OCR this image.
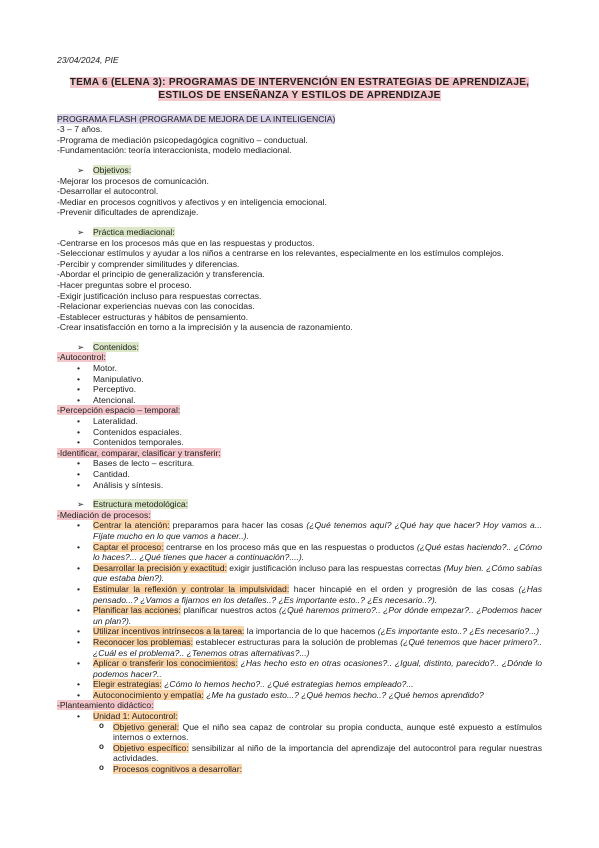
23/04/2024, PIE
TEMA 6 (ELENA 3): PROGRAMAS DE INTERVENCIÓN EN ESTRATEGIAS DE APRENDIZAJE,
ESTILOS DE ENSEÑANZA Y ESTILOS DE APRENDIZAJE
PROGRAMA FLASH (PROGRAMA DE MEJORA DE LA INTELIGENCIA)
-3 – 7 años.
-Programa de mediación psicopedagógica cognitivo – conductual.
-Fundamentación: teoría interaccionista, modelo mediacional.
➢ Objetivos:
-Mejorar los procesos de comunicación.
-Desarrollar el autocontrol.
-Mediar en procesos cognitivos y afectivos y en inteligencia emocional.
-Prevenir dificultades de aprendizaje.
➢ Práctica mediacional:
-Centrarse en los procesos más que en las respuestas y productos.
-Seleccionar estímulos y ayudar a los niños a centrarse en los relevantes, especialmente en los estímulos complejos.
-Percibir y comprender similitudes y diferencias.
-Abordar el principio de generalización y transferencia.
-Hacer preguntas sobre el proceso.
-Exigir justificación incluso para respuestas correctas.
-Relacionar experiencias nuevas con las conocidas.
-Establecer estructuras y hábitos de pensamiento.
-Crear insatisfacción en torno a la imprecisión y la ausencia de razonamiento.
➢ Contenidos:
-Autocontrol:
• Motor.
• Manipulativo.
• Perceptivo.
• Atencional.
-Percepción espacio – temporal:
• Lateralidad.
• Contenidos espaciales.
• Contenidos temporales.
-Identificar, comparar, clasificar y transferir:
• Bases de lecto – escritura.
• Cantidad.
• Análisis y síntesis.
➢ Estructura metodológica:
-Mediación de procesos:
• Centrar la atención: preparamos para hacer las cosas (¿Qué tenemos aquí? ¿Qué hay que hacer? Hoy vamos a... Fíjate mucho en lo que vamos a hacer..).
• Captar el proceso: centrarse en los proceso más que en las respuestas o productos (¿Qué estas haciendo?.. ¿Cómo lo haces?... ¿Qué tienes que hacer a continuación?....).
• Desarrollar la precisión y exactitud: exigir justificación incluso para las respuestas correctas (Muy bien. ¿Cómo sabías que estaba bien?).
• Estimular la reflexión y controlar la impulsividad: hacer hincapié en el orden y progresión de las cosas (¿Has pensado...? ¿Vamos a fijarnos en los detalles..? ¿Es importante esto..? ¿Es necesario..?).
• Planificar las acciones: planificar nuestros actos (¿Qué haremos primero?.. ¿Por dónde empezar?.. ¿Podemos hacer un plan?).
• Utilizar incentivos intrínsecos a la tarea: la importancia de lo que hacemos (¿Es importante esto..? ¿Es necesario?...)
• Reconocer los problemas: establecer estructuras para la solución de problemas (¿Qué tenemos que hacer primero?.. ¿Cuál es el problema?.. ¿Tenemos otras alternativas?...)
• Aplicar o transferir los conocimientos: ¿Has hecho esto en otras ocasiones?.. ¿Igual, distinto, parecido?.. ¿Dónde lo podemos hacer?..
• Elegir estrategias: ¿Cómo lo hemos hecho?.. ¿Qué estrategias hemos empleado?...
• Autoconocimiento y empatía: ¿Me ha gustado esto...? ¿Qué hemos hecho..? ¿Qué hemos aprendido?
-Planteamiento didáctico:
• Unidad 1: Autocontrol:
o Objetivo general: Que el niño sea capaz de controlar su propia conducta, aunque esté expuesto a estímulos internos o externos.
o Objetivo específico: sensibilizar al niño de la importancia del aprendizaje del autocontrol para regular nuestras actividades.
o Procesos cognitivos a desarrollar:
